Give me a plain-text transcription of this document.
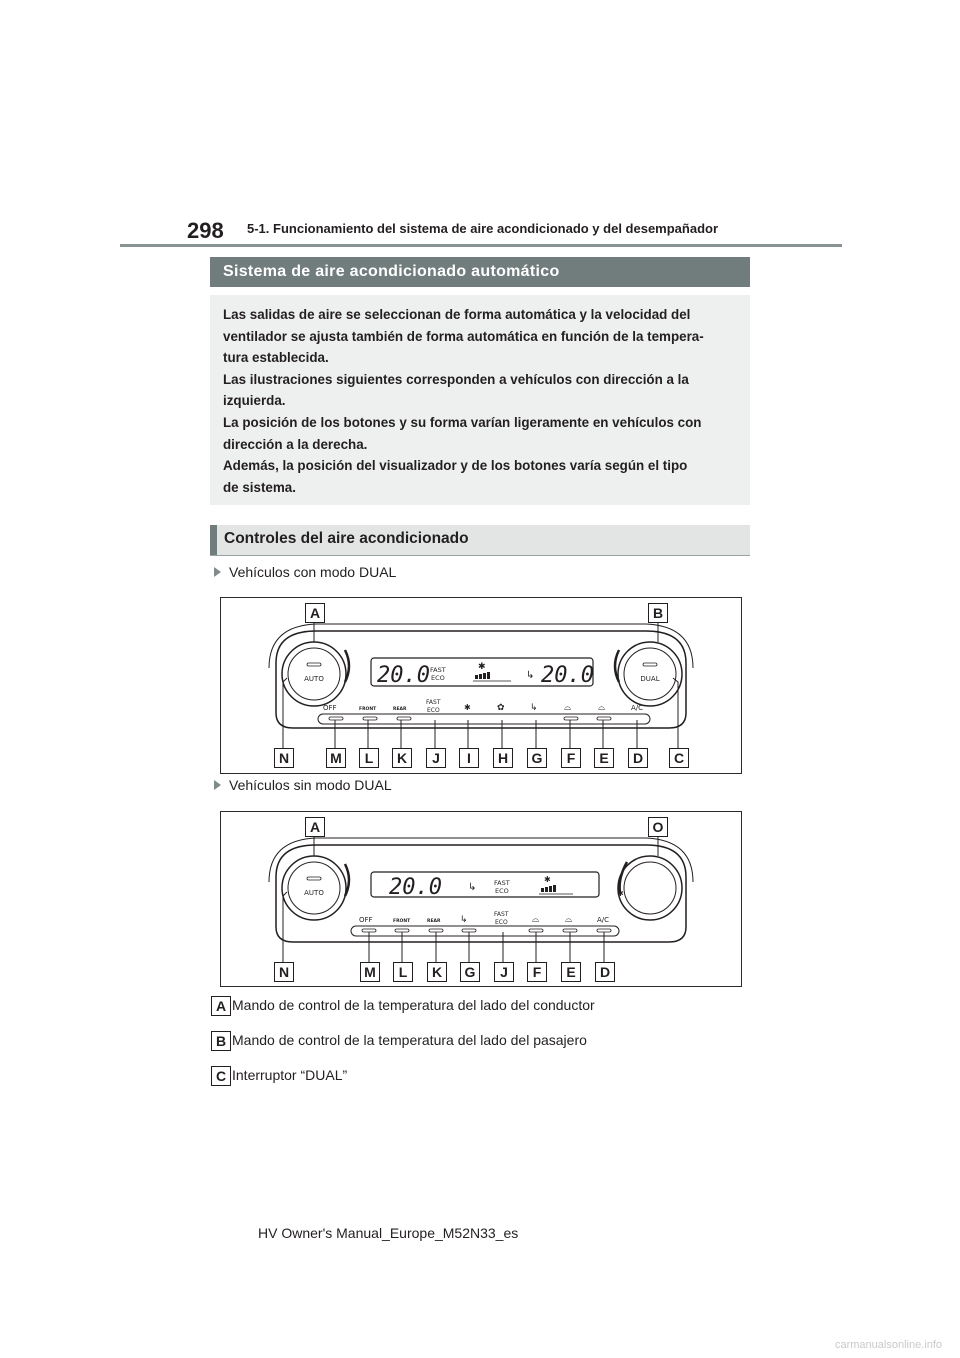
298 5-1. Funcionamiento del sistema de aire acondicionado y del desempañador
Sistema de aire acondicionado automático

Las salidas de aire se seleccionan de forma automática y la velocidad del

ventilador se ajusta también de forma automática en función de la tempera-

tura establecida.

Las ilustraciones siguientes corresponden a vehículos con dirección a la

izquierda.

La posición de los botones y su forma varían ligeramente en vehículos con

dirección a la derecha.

Además, la posición del visualizador y de los botones varía según el tipo

de sistema.

Controles del aire acondicionado
Vehículos con modo DUAL
AUTO	DUAL
20.0 FAST
ECO
✱
↳ 20.0
OFF	FRONT	REAR
FAST
ECO	✱	✿	↳	⌓	⌓	A/C
A	B
N	M	L	K	J	I	H	G	F	E	D	C
Vehículos sin modo DUAL
AUTO	✱
20.0	↳	FAST
ECO
✱
OFF	FRONT	REAR ↳
FAST
ECO	⌓	⌓	A/C
A	O
N	M	L	K	G	J	F	E	D
A Mando de control de la temperatura del lado del conductor
B Mando de control de la temperatura del lado del pasajero
C Interruptor “DUAL”
HV Owner's Manual_Europe_M52N33_es
carmanualsonline.info
